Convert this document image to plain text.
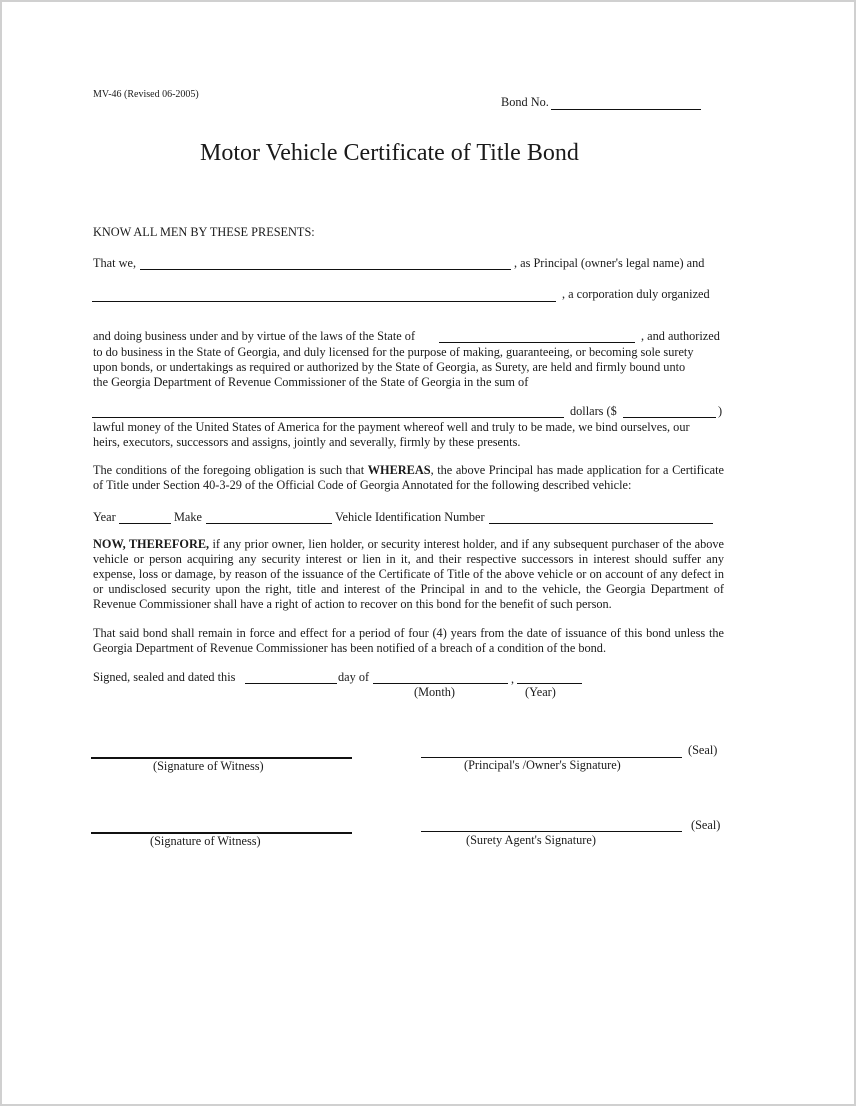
MV-46 (Revised 06-2005)
Bond No.
Motor Vehicle Certificate of Title Bond
KNOW ALL MEN BY THESE PRESENTS:
That we,	, as Principal (owner's legal name) and
, a corporation duly organized
and doing business under and by virtue of the laws of the State of	, and authorized
to do business in the State of Georgia, and duly licensed for the purpose of making, guaranteeing, or becoming sole surety
upon bonds, or undertakings as required or authorized by the State of Georgia, as Surety, are held and firmly bound unto
the Georgia Department of Revenue Commissioner of the State of Georgia in the sum of
dollars ($	)
lawful money of the United States of America for the payment whereof well and truly to be made, we bind ourselves, our
heirs, executors, successors and assigns, jointly and severally, firmly by these presents.
The conditions of the foregoing obligation is such that WHEREAS, the above Principal has made application for a Certificate of Title under Section 40-3-29 of the Official Code of Georgia Annotated for the following described vehicle:
Year	Make	Vehicle Identification Number
NOW, THEREFORE, if any prior owner, lien holder, or security interest holder, and if any subsequent purchaser of the above vehicle or person acquiring any security interest or lien in it, and their respective successors in interest should suffer any expense, loss or damage, by reason of the issuance of the Certificate of Title of the above vehicle or on account of any defect in or undisclosed security upon the right, title and interest of the Principal in and to the vehicle, the Georgia Department of Revenue Commissioner shall have a right of action to recover on this bond for the benefit of such person.
That said bond shall remain in force and effect for a period of four (4) years from the date of issuance of this bond unless the Georgia Department of Revenue Commissioner has been notified of a breach of a condition of the bond.
Signed, sealed and dated this	day of	,
(Month)	(Year)
(Signature of Witness)
(Seal)
(Principal's /Owner's Signature)
(Signature of Witness)
(Seal)
(Surety Agent's Signature)
